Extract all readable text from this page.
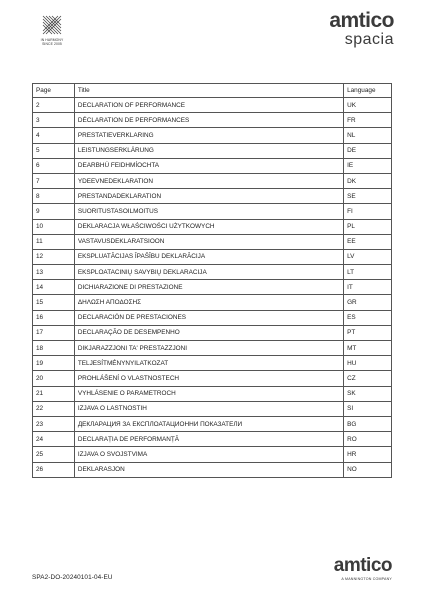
IN HARMONY
SINCE 2005
amtico
spacia
Page	Title	Language
2	DECLARATION OF PERFORMANCE	UK
3	DÉCLARATION DE PERFORMANCES	FR
4	PRESTATIEVERKLARING	NL
5	LEISTUNGSERKLÄRUNG	DE
6	DEARBHÚ FEIDHMÍOCHTA	IE
7	YDEEVNEDEKLARATION	DK
8	PRESTANDADEKLARATION	SE
9	SUORITUSTASOILMOITUS	FI
10	DEKLARACJA WŁAŚCIWOŚCI UŻYTKOWYCH	PL
11	VASTAVUSDEKLARATSIOON	EE
12	EKSPLUATĀCIJAS ĪPAŠĪBU DEKLARĀCIJA	LV
13	EKSPLOATACINIŲ SAVYBIŲ DEKLARACIJA	LT
14	DICHIARAZIONE DI PRESTAZIONE	IT
15	ΔΗΛΩΣΗ ΑΠΟΔΟΣΗΣ	GR
16	DECLARACIÓN DE PRESTACIONES	ES
17	DECLARAÇÃO DE DESEMPENHO	PT
18	DIKJARAZZJONI TA' PRESTAZZJONI	MT
19	TELJESÍTMÉNYNYILATKOZAT	HU
20	PROHLÁŠENÍ O VLASTNOSTECH	CZ
21	VYHLÁSENIE O PARAMETROCH	SK
22	IZJAVA O LASTNOSTIH	SI
23	ДЕКЛАРАЦИЯ ЗА ЕКСПЛОАТАЦИОННИ ПОКАЗАТЕЛИ	BG
24	DECLARAȚIA DE PERFORMANȚĂ	RO
25	IZJAVA O SVOJSTVIMA	HR
26	DEKLARASJON	NO
SPA2-DO-20240101-04-EU
amtico
A MANNINGTON COMPANY
